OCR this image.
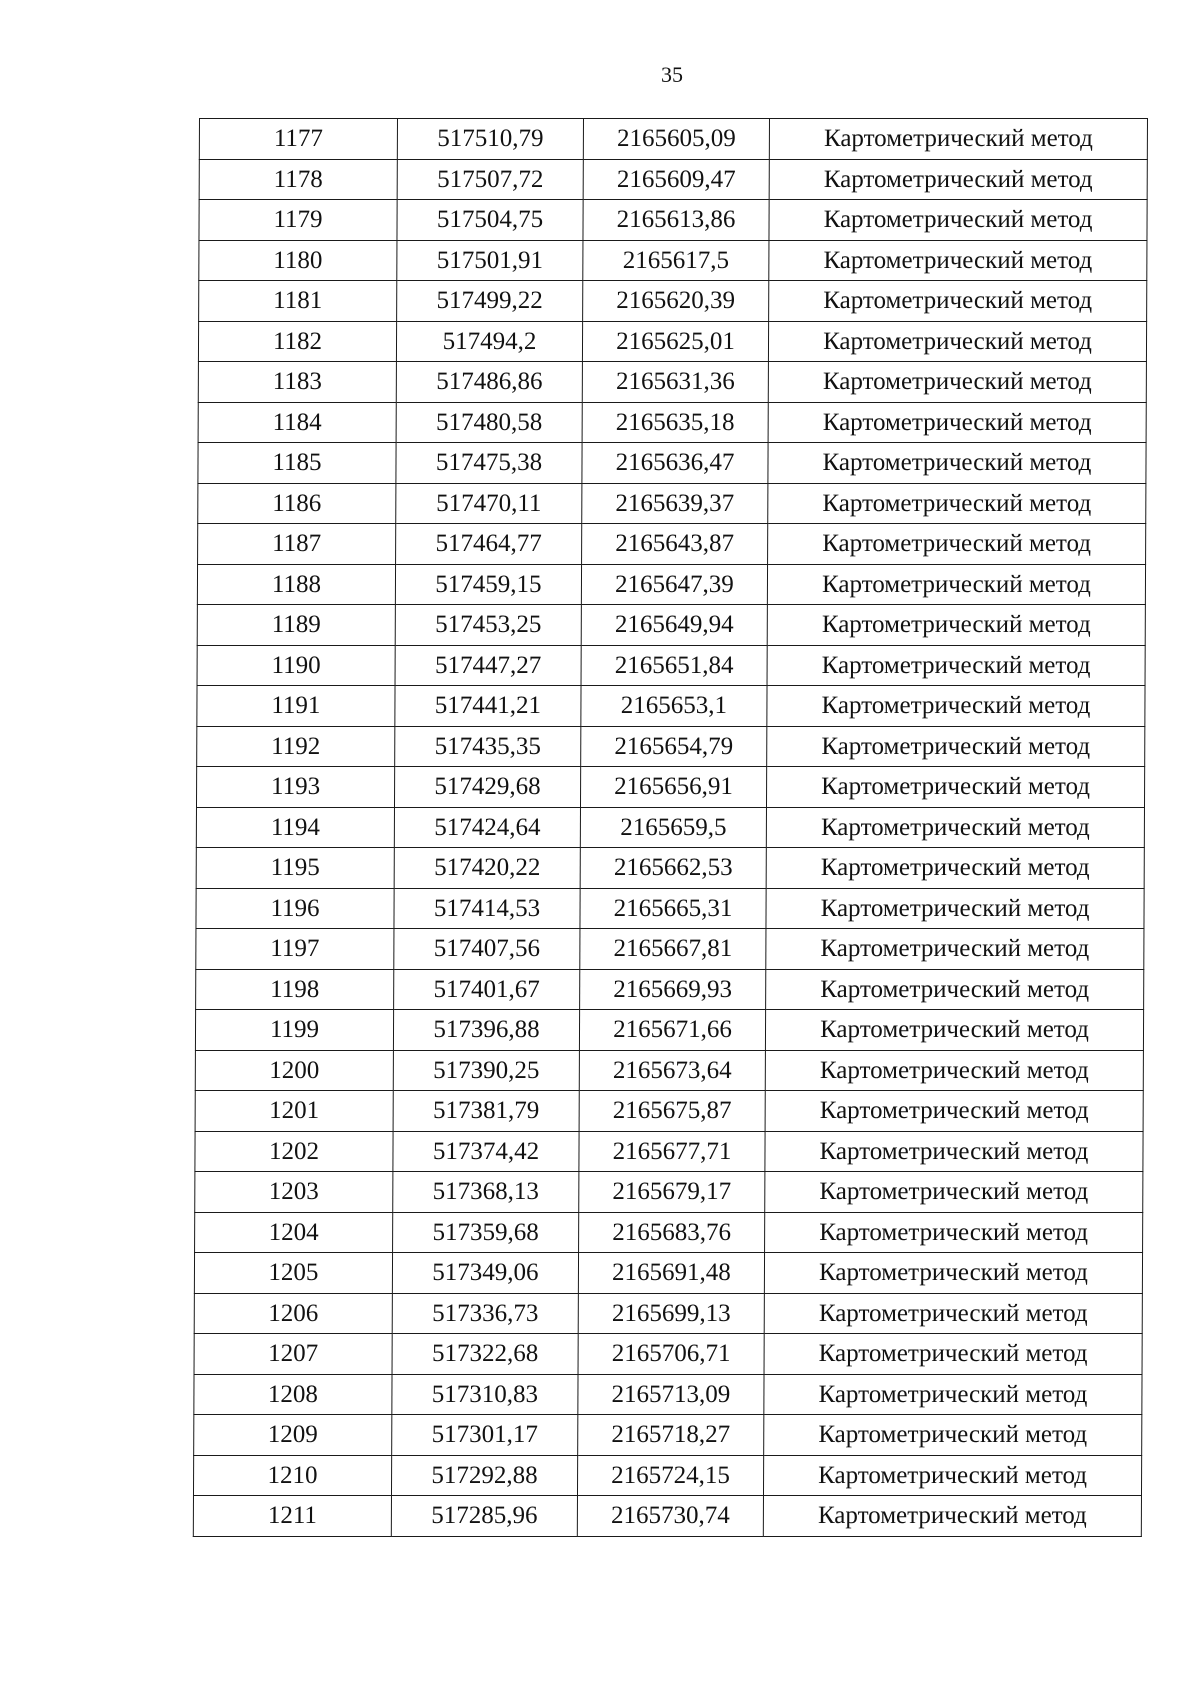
35
1177	517510,79	2165605,09	Картометрический метод
1178	517507,72	2165609,47	Картометрический метод
1179	517504,75	2165613,86	Картометрический метод
1180	517501,91	2165617,5	Картометрический метод
1181	517499,22	2165620,39	Картометрический метод
1182	517494,2	2165625,01	Картометрический метод
1183	517486,86	2165631,36	Картометрический метод
1184	517480,58	2165635,18	Картометрический метод
1185	517475,38	2165636,47	Картометрический метод
1186	517470,11	2165639,37	Картометрический метод
1187	517464,77	2165643,87	Картометрический метод
1188	517459,15	2165647,39	Картометрический метод
1189	517453,25	2165649,94	Картометрический метод
1190	517447,27	2165651,84	Картометрический метод
1191	517441,21	2165653,1	Картометрический метод
1192	517435,35	2165654,79	Картометрический метод
1193	517429,68	2165656,91	Картометрический метод
1194	517424,64	2165659,5	Картометрический метод
1195	517420,22	2165662,53	Картометрический метод
1196	517414,53	2165665,31	Картометрический метод
1197	517407,56	2165667,81	Картометрический метод
1198	517401,67	2165669,93	Картометрический метод
1199	517396,88	2165671,66	Картометрический метод
1200	517390,25	2165673,64	Картометрический метод
1201	517381,79	2165675,87	Картометрический метод
1202	517374,42	2165677,71	Картометрический метод
1203	517368,13	2165679,17	Картометрический метод
1204	517359,68	2165683,76	Картометрический метод
1205	517349,06	2165691,48	Картометрический метод
1206	517336,73	2165699,13	Картометрический метод
1207	517322,68	2165706,71	Картометрический метод
1208	517310,83	2165713,09	Картометрический метод
1209	517301,17	2165718,27	Картометрический метод
1210	517292,88	2165724,15	Картометрический метод
1211	517285,96	2165730,74	Картометрический метод
